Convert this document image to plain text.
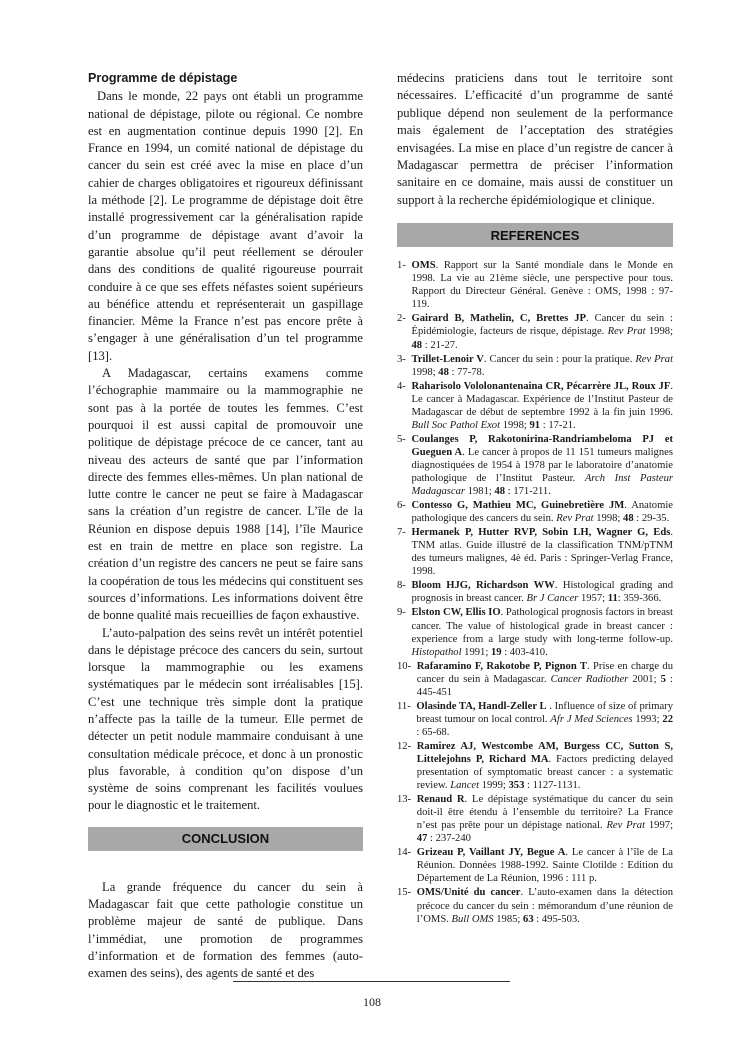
Programme de dépistage

Dans le monde, 22 pays ont établi un programme national de dépistage, pilote ou régional. Ce nombre est en augmentation continue depuis 1990 [2]. En France en 1994, un comité national de dépistage du cancer du sein est créé avec la mise en place d’un cahier de charges obligatoires et rigoureux définissant la méthode [2]. Le programme de dépistage doit être installé progressivement car la généralisation rapide d’un programme de dépistage avant d’avoir la garantie absolue qu’il peut réellement se dérouler dans des conditions de qualité rigoureuse pourrait conduire à ce que ses effets néfastes soient supérieurs au bénéfice attendu et représenterait un gaspillage financier. Même la France n’est pas encore prête à s’engager à une généralisation d’un tel programme [13].

A Madagascar, certains examens comme l’échographie mammaire ou la mammographie ne sont pas à la portée de toutes les femmes. C’est pourquoi il est aussi capital de promouvoir une politique de dépistage précoce de ce cancer, tant au niveau des acteurs de santé que par l’information directe des femmes elles-mêmes. Un plan national de lutte contre le cancer ne peut se faire à Madagascar sans la création d’un registre de cancer. L’île de la Réunion en dispose depuis 1988 [14], l’île Maurice est en train de mettre en place son registre. La création d’un registre des cancers ne peut se faire sans la coopération de tous les médecins qui constituent ses sources d’informations. Les informations doivent être de bonne qualité mais recueillies de façon exhaustive.

L’auto-palpation des seins revêt un intérêt potentiel dans le dépistage précoce des cancers du sein, surtout lorsque la mammographie ou les examens systématiques par le médecin sont irréalisables [15]. C’est une technique très simple dont la pratique n’affecte pas la taille de la tumeur. Elle permet de détecter un petit nodule mammaire conduisant à une consultation médicale précoce, et donc à un pronostic plus favorable, à condition qu’on dispose d’un système de soins comprenant les facilités voulues pour le diagnostic et le traitement.

CONCLUSION

La grande fréquence du cancer du sein à Madagascar fait que cette pathologie constitue un problème majeur de santé de publique. Dans l’immédiat, une promotion de programmes d’information et de formation des femmes (auto-examen des seins), des agents de santé et des

médecins praticiens dans tout le territoire sont nécessaires. L’efficacité d’un programme de santé publique dépend non seulement de la performance mais également de l’acceptation des stratégies envisagées. La mise en place d’un registre de cancer à Madagascar permettra de préciser l’information sanitaire en ce domaine, mais aussi de constituer un support à la recherche épidémiologique et clinique.

REFERENCES
1- OMS. Rapport sur la Santé mondiale dans le Monde en 1998. La vie au 21ème siècle, une perspective pour tous. Rapport du Directeur Général. Genève : OMS, 1998 : 97-119.
2- Gairard B, Mathelin, C, Brettes JP. Cancer du sein : Épidémiologie, facteurs de risque, dépistage. Rev Prat 1998; 48 : 21-27.
3- Trillet-Lenoir V. Cancer du sein : pour la pratique. Rev Prat 1998; 48 : 77-78.
4- Raharisolo Vololonantenaina CR, Pécarrère JL, Roux JF. Le cancer à Madagascar. Expérience de l’Institut Pasteur de Madagascar de début de septembre 1992 à la fin juin 1996. Bull Soc Pathol Exot 1998; 91 : 17-21.
5- Coulanges P, Rakotonirina-Randriambeloma PJ et Gueguen A. Le cancer à propos de 11 151 tumeurs malignes diagnostiquées de 1954 à 1978 par le laboratoire d’anatomie pathologique de l’Institut Pasteur. Arch Inst Pasteur Madagascar 1981; 48 : 171-211.
6- Contesso G, Mathieu MC, Guinebretière JM. Anatomie pathologique des cancers du sein. Rev Prat 1998; 48 : 29-35.
7- Hermanek P, Hutter RVP, Sobin LH, Wagner G, Eds. TNM atlas. Guide illustré de la classification TNM/pTNM des tumeurs malignes, 4è éd. Paris : Springer-Verlag France, 1998.
8- Bloom HJG, Richardson WW. Histological grading and prognosis in breast cancer. Br J Cancer 1957; 11: 359-366.
9- Elston CW, Ellis IO. Pathological prognosis factors in breast cancer. The value of histological grade in breast cancer : experience from a large study with long-terme follow-up. Histopathol 1991; 19 : 403-410.
10- Rafaramino F, Rakotobe P, Pignon T. Prise en charge du cancer du sein à Madagascar. Cancer Radiother 2001; 5 : 445-451
11- Olasinde TA, Handl-Zeller L . Influence of size of primary breast tumour on local control. Afr J Med Sciences 1993; 22 : 65-68.
12- Ramirez AJ, Westcombe AM, Burgess CC, Sutton S, Littelejohns P, Richard MA. Factors predicting delayed presentation of symptomatic breast cancer : a systematic review. Lancet 1999; 353 : 1127-1131.
13- Renaud R. Le dépistage systématique du cancer du sein doit-il être étendu à l’ensemble du territoire? La France n’est pas prête pour un dépistage national. Rev Prat 1997; 47 : 237-240
14- Grizeau P, Vaillant JY, Begue A. Le cancer à l’île de La Réunion. Données 1988-1992. Sainte Clotilde : Edition du Département de La Réunion, 1996 : 111 p.
15- OMS/Unité du cancer. L’auto-examen dans la détection précoce du cancer du sein : mémorandum d’une réunion de l’OMS. Bull OMS 1985; 63 : 495-503.
108
